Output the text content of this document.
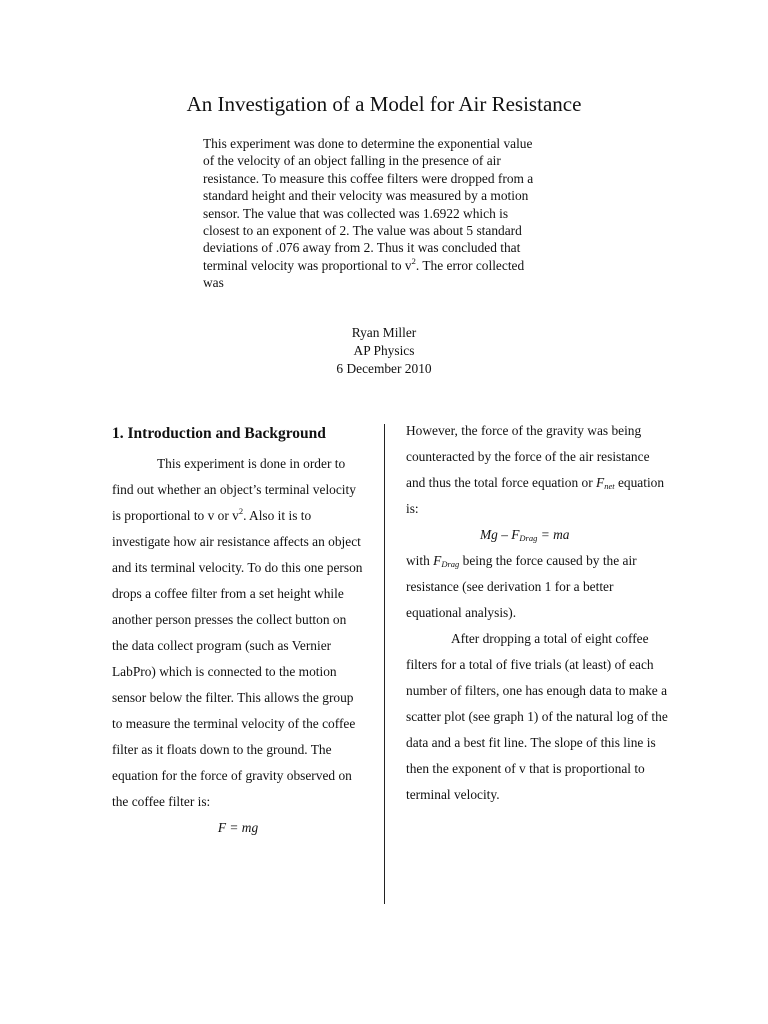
An Investigation of a Model for Air Resistance

This experiment was done to determine the exponential value of the velocity of an object falling in the presence of air resistance. To measure this coffee filters were dropped from a standard height and their velocity was measured by a motion sensor. The value that was collected was 1.6922 which is closest to an exponent of 2. The value was about 5 standard deviations of .076 away from 2. Thus it was concluded that terminal velocity was proportional to $v^2$. The error collected was

Ryan Miller
AP Physics
6 December 2010
1. Introduction and Background

This experiment is done in order to find out whether an object’s terminal velocity is proportional to v or $v^2$. Also it is to investigate how air resistance affects an object and its terminal velocity. To do this one person drops a coffee filter from a set height while another person presses the collect button on the data collect program (such as Vernier LabPro) which is connected to the motion sensor below the filter. This allows the group to measure the terminal velocity of the coffee filter as it floats down to the ground. The equation for the force of gravity observed on the coffee filter is:

F = mg

However, the force of the gravity was being counteracted by the force of the air resistance and thus the total force equation or $F_{net}$ equation is:

Mg – $F_{Drag}$ = ma

with $F_{Drag}$ being the force caused by the air resistance (see derivation 1 for a better equational analysis).

After dropping a total of eight coffee filters for a total of five trials (at least) of each number of filters, one has enough data to make a scatter plot (see graph 1) of the natural log of the data and a best fit line. The slope of this line is then the exponent of v that is proportional to terminal velocity.
